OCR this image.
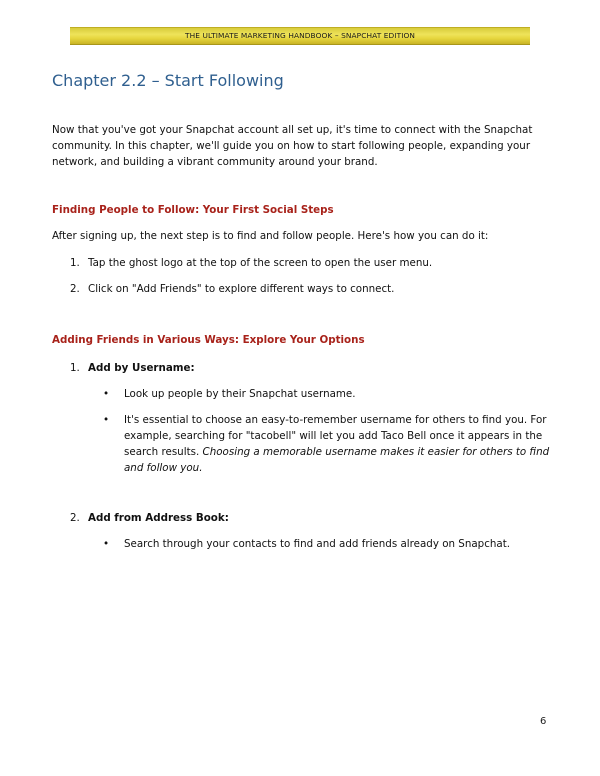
THE ULTIMATE MARKETING HANDBOOK – SNAPCHAT EDITION
Chapter 2.2 – Start Following

Now that you've got your Snapchat account all set up, it's time to connect with the Snapchat community. In this chapter, we'll guide you on how to start following people, expanding your network, and building a vibrant community around your brand.

Finding People to Follow: Your First Social Steps

After signing up, the next step is to find and follow people. Here's how you can do it:

1. Tap the ghost logo at the top of the screen to open the user menu.
2. Click on "Add Friends" to explore different ways to connect.
Adding Friends in Various Ways: Explore Your Options
1. Add by Username:
• Look up people by their Snapchat username.
• It's essential to choose an easy-to-remember username for others to find you. For example, searching for "tacobell" will let you add Taco Bell once it appears in the search results. Choosing a memorable username makes it easier for others to find and follow you.
2. Add from Address Book:
• Search through your contacts to find and add friends already on Snapchat.
6
